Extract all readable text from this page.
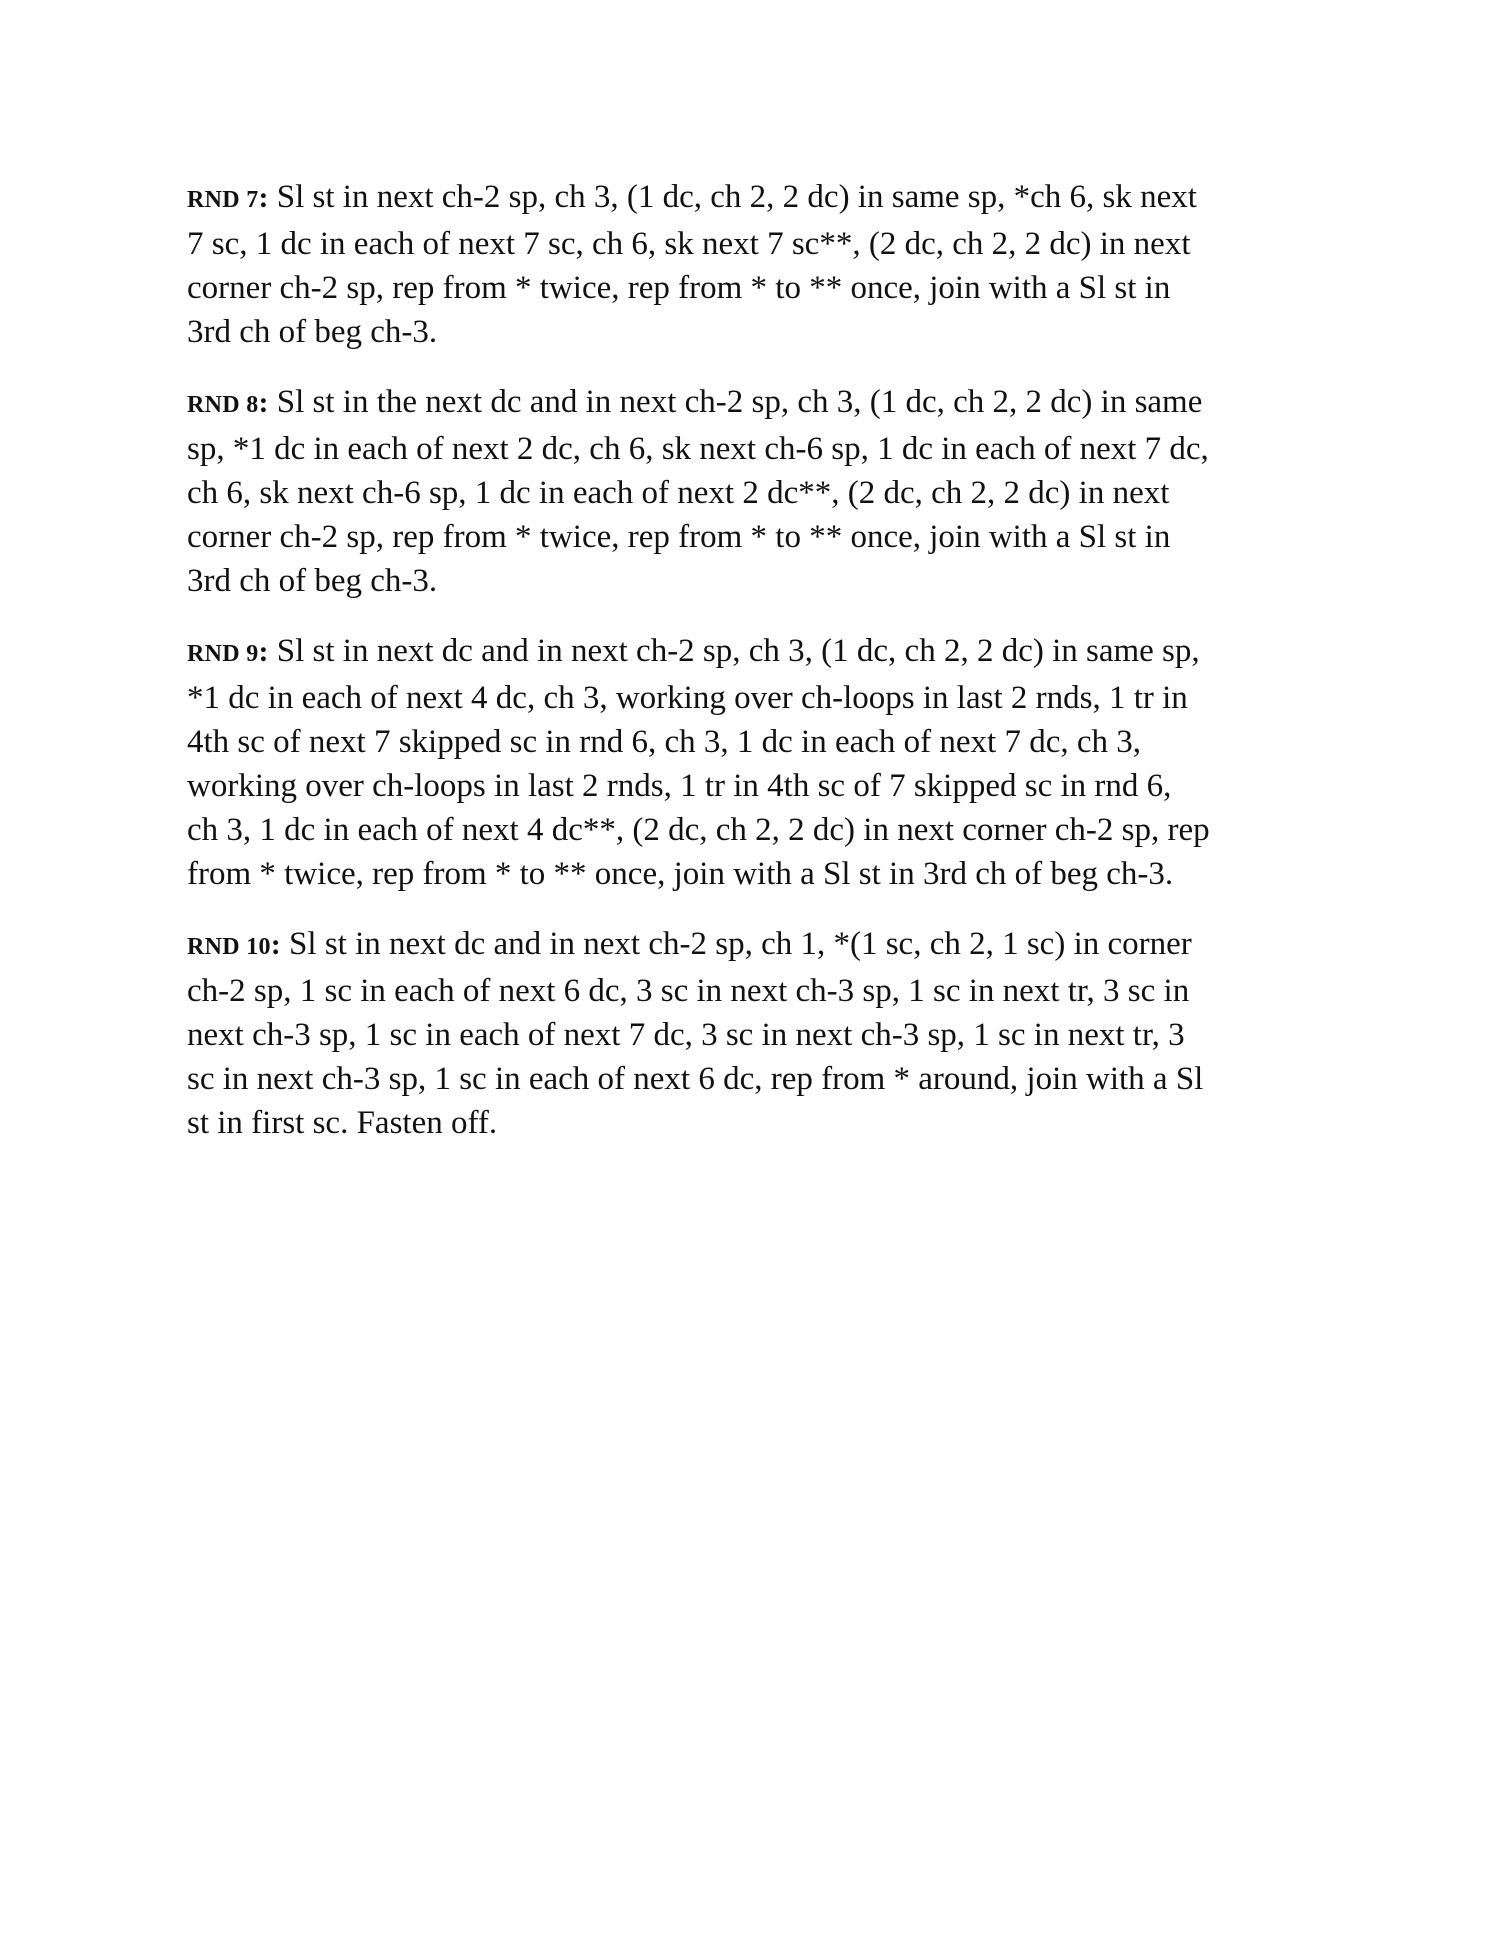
RND 7: Sl st in next ch-2 sp, ch 3, (1 dc, ch 2, 2 dc) in same sp, *ch 6, sk next
7 sc, 1 dc in each of next 7 sc, ch 6, sk next 7 sc**, (2 dc, ch 2, 2 dc) in next
corner ch-2 sp, rep from * twice, rep from * to ** once, join with a Sl st in
3rd ch of beg ch-3.

RND 8: Sl st in the next dc and in next ch-2 sp, ch 3, (1 dc, ch 2, 2 dc) in same
sp, *1 dc in each of next 2 dc, ch 6, sk next ch-6 sp, 1 dc in each of next 7 dc,
ch 6, sk next ch-6 sp, 1 dc in each of next 2 dc**, (2 dc, ch 2, 2 dc) in next
corner ch-2 sp, rep from * twice, rep from * to ** once, join with a Sl st in
3rd ch of beg ch-3.

RND 9: Sl st in next dc and in next ch-2 sp, ch 3, (1 dc, ch 2, 2 dc) in same sp,
*1 dc in each of next 4 dc, ch 3, working over ch-loops in last 2 rnds, 1 tr in
4th sc of next 7 skipped sc in rnd 6, ch 3, 1 dc in each of next 7 dc, ch 3,
working over ch-loops in last 2 rnds, 1 tr in 4th sc of 7 skipped sc in rnd 6,
ch 3, 1 dc in each of next 4 dc**, (2 dc, ch 2, 2 dc) in next corner ch-2 sp, rep
from * twice, rep from * to ** once, join with a Sl st in 3rd ch of beg ch-3.

RND 10: Sl st in next dc and in next ch-2 sp, ch 1, *(1 sc, ch 2, 1 sc) in corner
ch-2 sp, 1 sc in each of next 6 dc, 3 sc in next ch-3 sp, 1 sc in next tr, 3 sc in
next ch-3 sp, 1 sc in each of next 7 dc, 3 sc in next ch-3 sp, 1 sc in next tr, 3
sc in next ch-3 sp, 1 sc in each of next 6 dc, rep from * around, join with a Sl
st in first sc. Fasten off.
